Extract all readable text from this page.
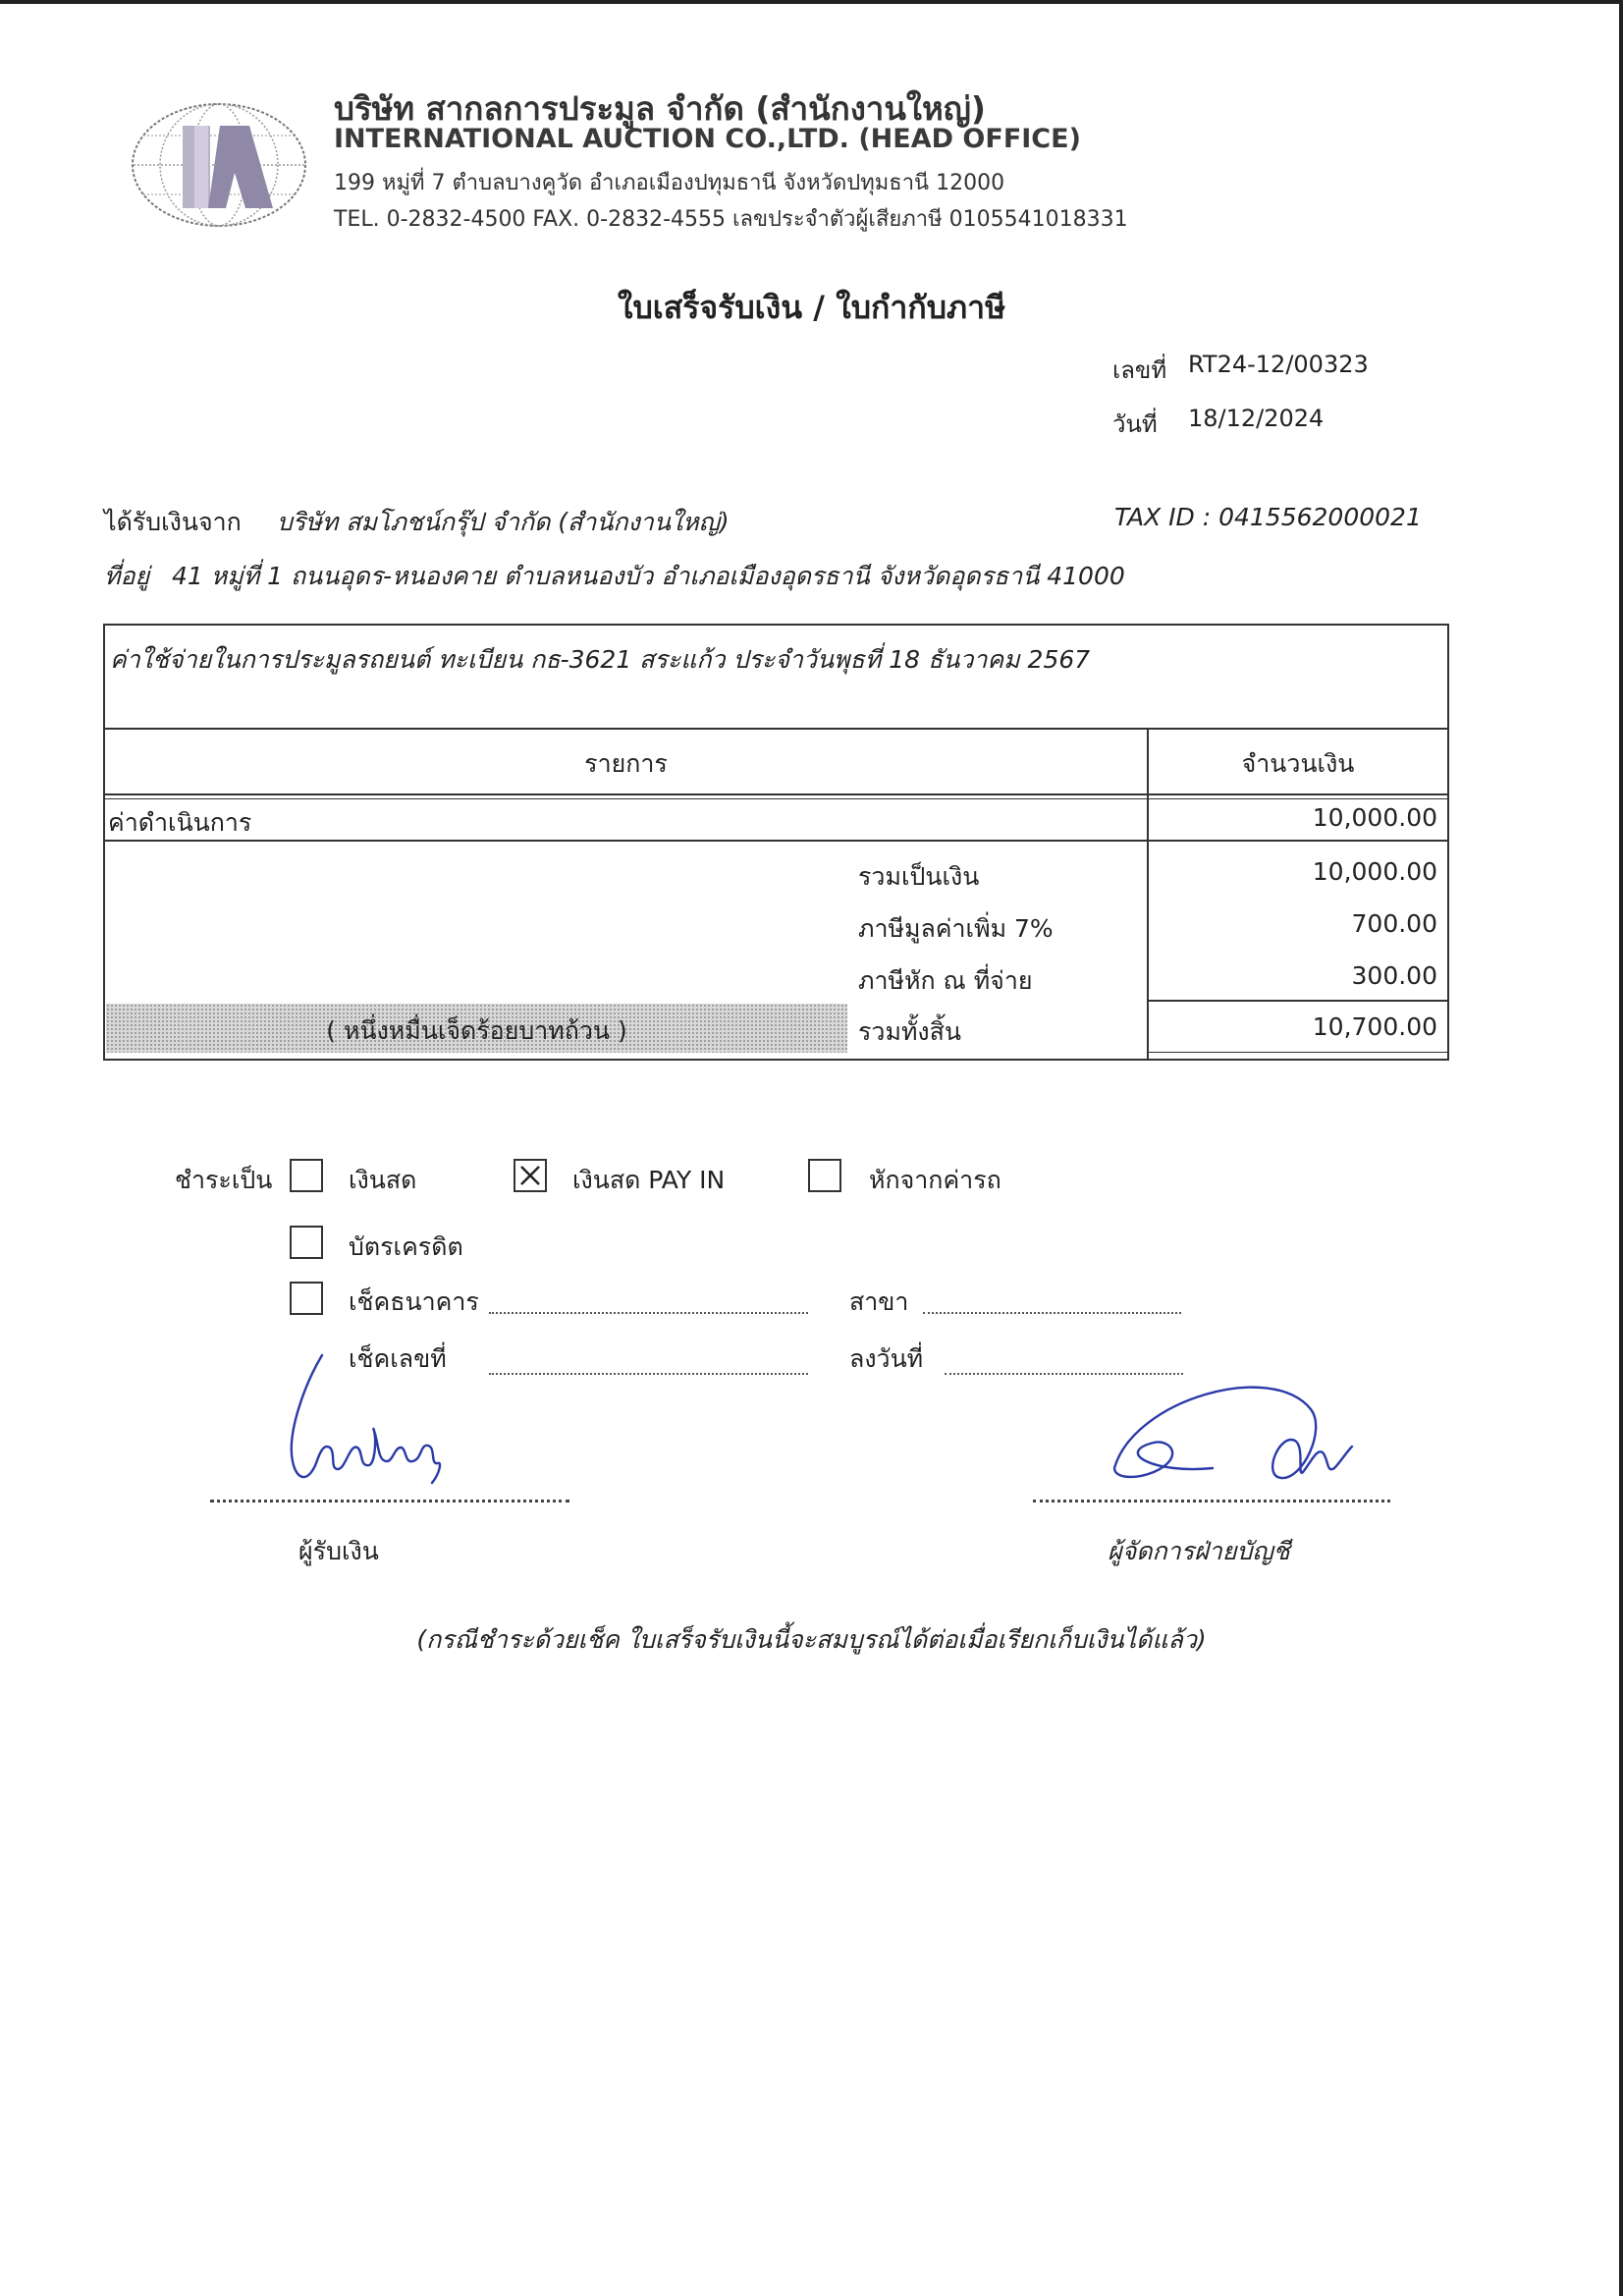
บริษัท สากลการประมูล จำกัด (สำนักงานใหญ่)
INTERNATIONAL AUCTION CO.,LTD. (HEAD OFFICE)
199 หมู่ที่ 7 ตำบลบางคูวัด อำเภอเมืองปทุมธานี จังหวัดปทุมธานี 12000
TEL. 0-2832-4500 FAX. 0-2832-4555 เลขประจำตัวผู้เสียภาษี 0105541018331
ใบเสร็จรับเงิน / ใบกำกับภาษี
เลขที่ RT24-12/00323
วันที่ 18/12/2024
ได้รับเงินจาก บริษัท สมโภชน์กรุ๊ป จำกัด (สำนักงานใหญ่)	TAX ID : 0415562000021
ที่อยู่ 41 หมู่ที่ 1 ถนนอุดร-หนองคาย ตำบลหนองบัว อำเภอเมืองอุดรธานี จังหวัดอุดรธานี 41000
ค่าใช้จ่ายในการประมูลรถยนต์ ทะเบียน กธ-3621 สระแก้ว ประจำวันพุธที่ 18 ธันวาคม 2567
รายการ	จำนวนเงิน
ค่าดำเนินการ	10,000.00
รวมเป็นเงิน	10,000.00
ภาษีมูลค่าเพิ่ม 7%	700.00
ภาษีหัก ณ ที่จ่าย	300.00
( หนึ่งหมื่นเจ็ดร้อยบาทถ้วน )	รวมทั้งสิ้น	10,700.00
ชำระเป็น	เงินสด	เงินสด PAY IN	หักจากค่ารถ
บัตรเครดิต
เช็คธนาคาร	สาขา
เช็คเลขที่	ลงวันที่
ผู้รับเงิน	ผู้จัดการฝ่ายบัญชี
(กรณีชำระด้วยเช็ค ใบเสร็จรับเงินนี้จะสมบูรณ์ได้ต่อเมื่อเรียกเก็บเงินได้แล้ว)
